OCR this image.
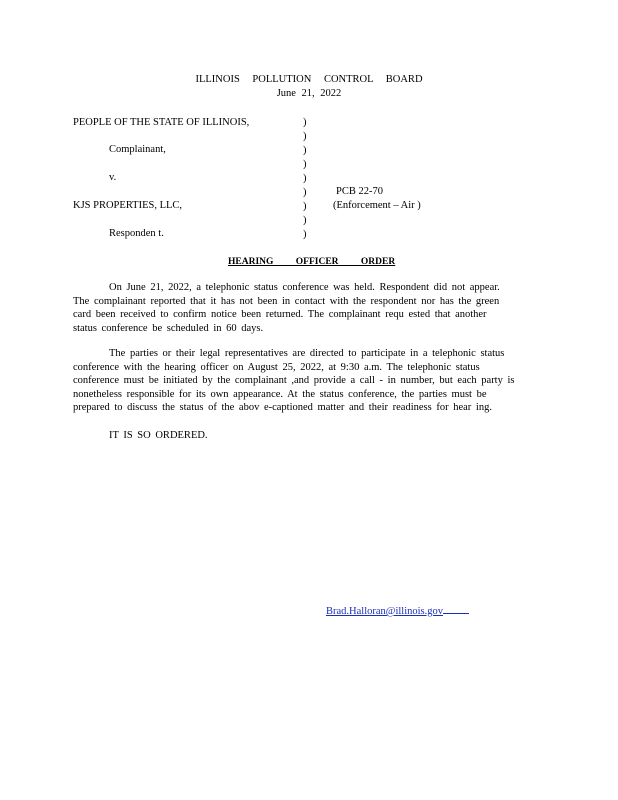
ILLINOIS POLLUTION CONTROL BOARD
June 21, 2022
PEOPLE OF THE STATE OF ILLINOIS,
Complainant,
v.
KJS PROPERTIES, LLC,
Responden t.
)
)
)
)
)
)
)
)
)
PCB 22-70
(Enforcement – Air )
HEARING OFFICER ORDER
On June 21, 2022, a telephonic status conference was held. Respondent did not appear.
The complainant reported that it has not been in contact with the respondent nor has the green
card been received to confirm notice been returned. The complainant requ ested that another
status conference be scheduled in 60 days.
The parties or their legal representatives are directed to participate in a telephonic status
conference with the hearing officer on August 25, 2022, at 9:30 a.m. The telephonic status
conference must be initiated by the complainant ,and provide a call - in number, but each party is
nonetheless responsible for its own appearance. At the status conference, the parties must be
prepared to discuss the status of the abov e-captioned matter and their readiness for hear ing.
IT IS SO ORDERED.
Brad.Halloran@illinois.gov
